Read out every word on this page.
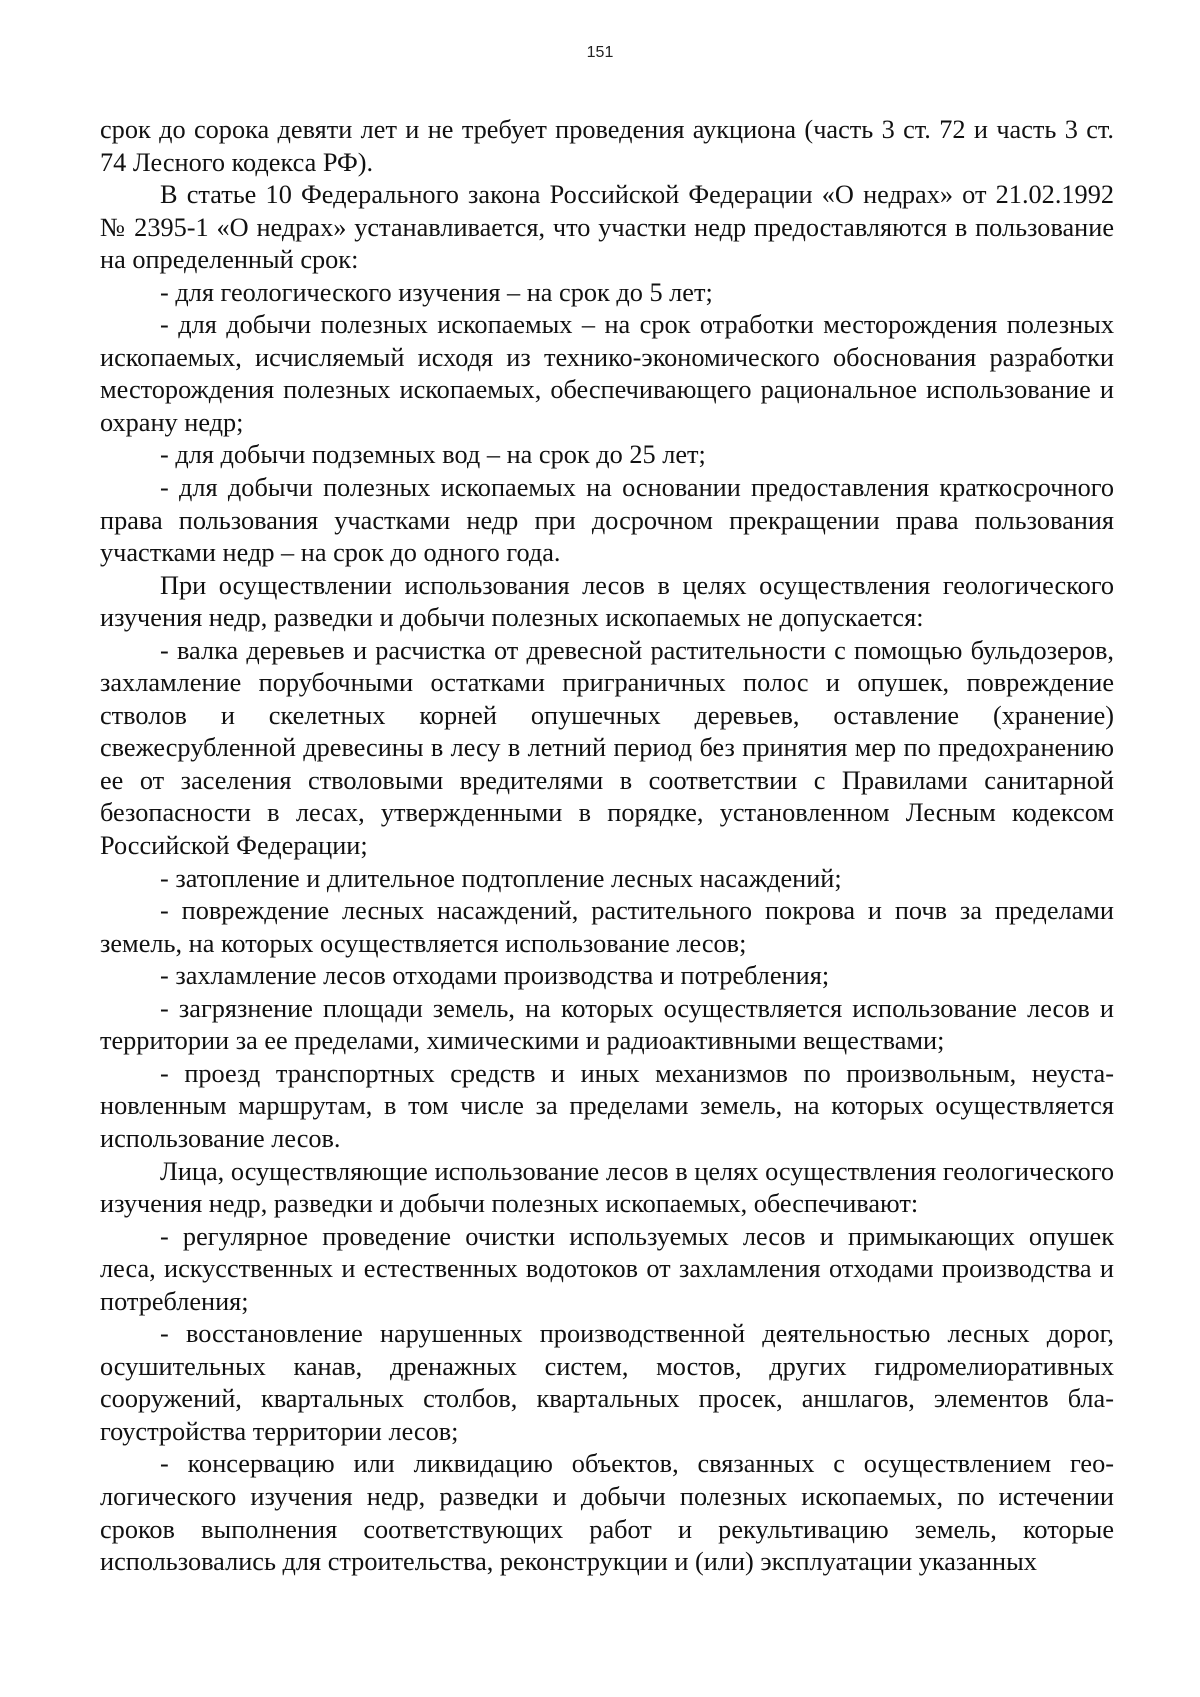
151

срок до сорока девяти лет и не требует проведения аукциона (часть 3 ст. 72 и часть 3 ст. 74 Лесного кодекса РФ).

В статье 10 Федерального закона Российской Федерации «О недрах» от 21.02.1992 № 2395-1 «О недрах» устанавливается, что участки недр предоставляются в пользование на определенный срок:

- для геологического изучения – на срок до 5 лет;

- для добычи полезных ископаемых – на срок отработки месторождения полезных ископаемых, исчисляемый исходя из технико-экономического обоснования разработки месторождения полезных ископаемых, обеспечивающего рациональное использование и охрану недр;

- для добычи подземных вод – на срок до 25 лет;

- для добычи полезных ископаемых на основании предоставления краткосрочного права пользования участками недр при досрочном прекращении права пользования участками недр – на срок до одного года.

При осуществлении использования лесов в целях осуществления геологического изучения недр, разведки и добычи полезных ископаемых не допускается:

- валка деревьев и расчистка от древесной растительности с помощью бульдозеров, захламление порубочными остатками приграничных полос и опушек, повреждение стволов и скелетных корней опушечных деревьев, оставление (хранение) свежесрубленной древесины в лесу в летний период без принятия мер по предохранению ее от заселения стволовыми вредителями в соответствии с Правилами санитарной безопасности в лесах, утвержденными в порядке, установленном Лесным кодексом Российской Федерации;

- затопление и длительное подтопление лесных насаждений;

- повреждение лесных насаждений, растительного покрова и почв за пределами земель, на которых осуществляется использование лесов;

- захламление лесов отходами производства и потребления;

- загрязнение площади земель, на которых осуществляется использование лесов и территории за ее пределами, химическими и радиоактивными веществами;

- проезд транспортных средств и иных механизмов по произвольным, неустановленным маршрутам, в том числе за пределами земель, на которых осуществляется использование лесов.

Лица, осуществляющие использование лесов в целях осуществления геологического изучения недр, разведки и добычи полезных ископаемых, обеспечивают:

- регулярное проведение очистки используемых лесов и примыкающих опушек леса, искусственных и естественных водотоков от захламления отходами производства и потребления;

- восстановление нарушенных производственной деятельностью лесных дорог, осушительных канав, дренажных систем, мостов, других гидромелиоративных сооружений, квартальных столбов, квартальных просек, аншлагов, элементов благоустройства территории лесов;

- консервацию или ликвидацию объектов, связанных с осуществлением геологического изучения недр, разведки и добычи полезных ископаемых, по истечении сроков выполнения соответствующих работ и рекультивацию земель, которые использовались для строительства, реконструкции и (или) эксплуатации указанных
